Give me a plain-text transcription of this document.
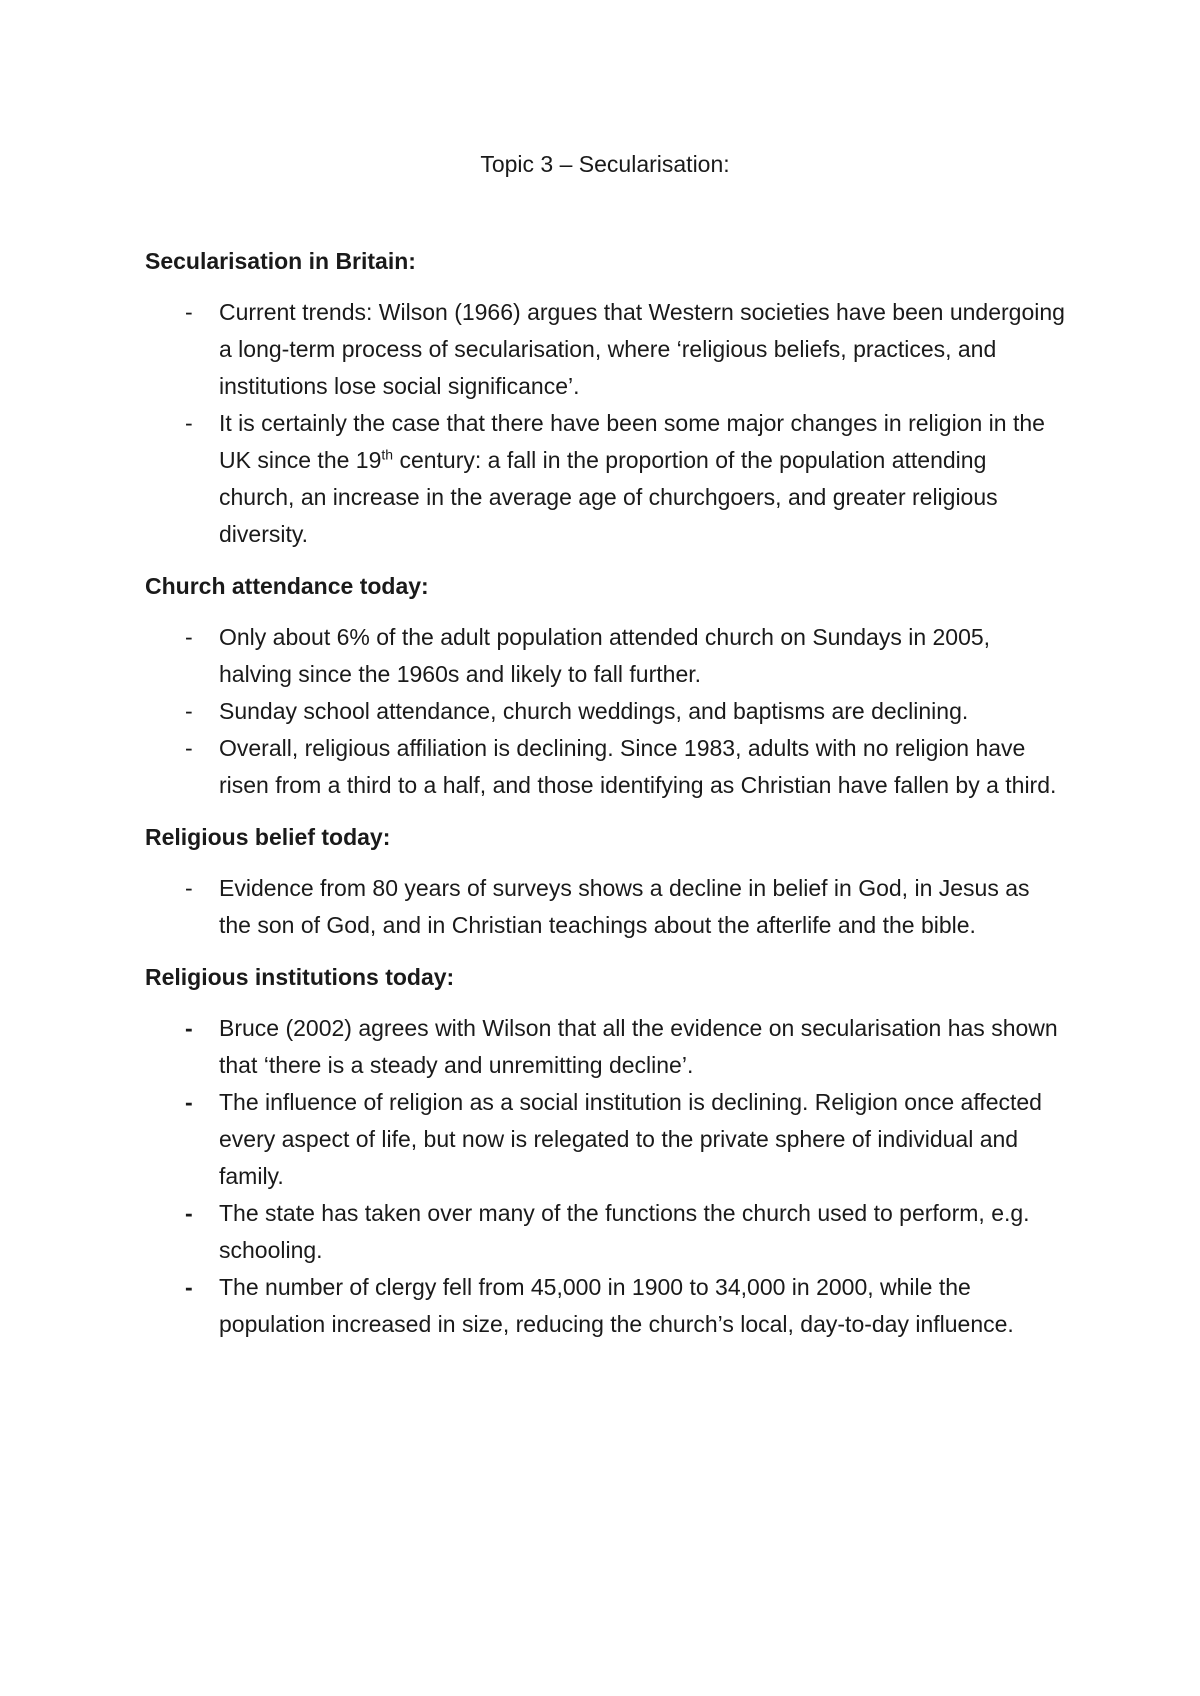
Topic 3 – Secularisation:
Secularisation in Britain:
- Current trends: Wilson (1966) argues that Western societies have been undergoing a long-term process of secularisation, where ‘religious beliefs, practices, and institutions lose social significance’.
- It is certainly the case that there have been some major changes in religion in the UK since the 19th century: a fall in the proportion of the population attending church, an increase in the average age of churchgoers, and greater religious diversity.
Church attendance today:
- Only about 6% of the adult population attended church on Sundays in 2005, halving since the 1960s and likely to fall further.
- Sunday school attendance, church weddings, and baptisms are declining.
- Overall, religious affiliation is declining. Since 1983, adults with no religion have risen from a third to a half, and those identifying as Christian have fallen by a third.
Religious belief today:
- Evidence from 80 years of surveys shows a decline in belief in God, in Jesus as the son of God, and in Christian teachings about the afterlife and the bible.
Religious institutions today:
- Bruce (2002) agrees with Wilson that all the evidence on secularisation has shown that ‘there is a steady and unremitting decline’.
- The influence of religion as a social institution is declining. Religion once affected every aspect of life, but now is relegated to the private sphere of individual and family.
- The state has taken over many of the functions the church used to perform, e.g. schooling.
- The number of clergy fell from 45,000 in 1900 to 34,000 in 2000, while the population increased in size, reducing the church’s local, day-to-day influence.
